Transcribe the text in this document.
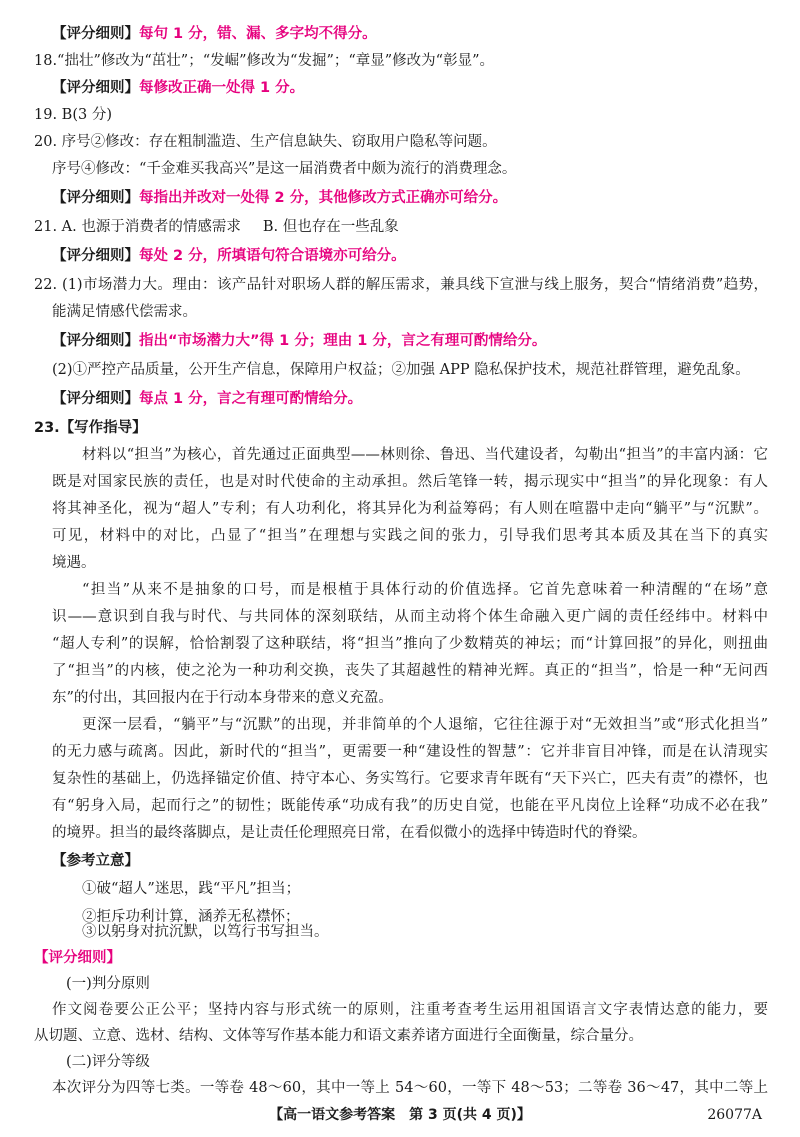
【评分细则】每句 1 分，错、漏、多字均不得分。
18.“拙壮”修改为“茁壮”；“发崛”修改为“发掘”；“章显”修改为“彰显”。
【评分细则】每修改正确一处得 1 分。
19. B(3 分)
20. 序号②修改：存在粗制滥造、生产信息缺失、窃取用户隐私等问题。
序号④修改：“千金难买我高兴”是这一届消费者中颇为流行的消费理念。
【评分细则】每指出并改对一处得 2 分，其他修改方式正确亦可给分。
21. A. 也源于消费者的情感需求 B. 但也存在一些乱象
【评分细则】每处 2 分，所填语句符合语境亦可给分。
22. (1)市场潜力大。理由：该产品针对职场人群的解压需求，兼具线下宣泄与线上服务，契合“情绪消费”趋势，
能满足情感代偿需求。
【评分细则】指出“市场潜力大”得 1 分；理由 1 分，言之有理可酌情给分。
(2)①严控产品质量，公开生产信息，保障用户权益；②加强 APP 隐私保护技术，规范社群管理，避免乱象。
【评分细则】每点 1 分，言之有理可酌情给分。
23.【写作指导】
材料以“担当”为核心，首先通过正面典型——林则徐、鲁迅、当代建设者，勾勒出“担当”的丰富内涵：它
既是对国家民族的责任，也是对时代使命的主动承担。然后笔锋一转，揭示现实中“担当”的异化现象：有人
将其神圣化，视为“超人”专利；有人功利化，将其异化为利益筹码；有人则在喧嚣中走向“躺平”与“沉默”。
可见，材料中的对比，凸显了“担当”在理想与实践之间的张力，引导我们思考其本质及其在当下的真实
境遇。
“担当”从来不是抽象的口号，而是根植于具体行动的价值选择。它首先意味着一种清醒的“在场”意
识——意识到自我与时代、与共同体的深刻联结，从而主动将个体生命融入更广阔的责任经纬中。材料中
“超人专利”的误解，恰恰割裂了这种联结，将“担当”推向了少数精英的神坛；而“计算回报”的异化，则扭曲
了“担当”的内核，使之沦为一种功利交换，丧失了其超越性的精神光辉。真正的“担当”，恰是一种“无问西
东”的付出，其回报内在于行动本身带来的意义充盈。
更深一层看，“躺平”与“沉默”的出现，并非简单的个人退缩，它往往源于对“无效担当”或“形式化担当”
的无力感与疏离。因此，新时代的“担当”，更需要一种“建设性的智慧”：它并非盲目冲锋，而是在认清现实
复杂性的基础上，仍选择锚定价值、持守本心、务实笃行。它要求青年既有“天下兴亡，匹夫有责”的襟怀，也
有“躬身入局，起而行之”的韧性；既能传承“功成有我”的历史自觉，也能在平凡岗位上诠释“功成不必在我”
的境界。担当的最终落脚点，是让责任伦理照亮日常，在看似微小的选择中铸造时代的脊梁。
【参考立意】
①破“超人”迷思，践“平凡”担当；
②拒斥功利计算，涵养无私襟怀；
③以躬身对抗沉默，以笃行书写担当。
【评分细则】
(一)判分原则
作文阅卷要公正公平；坚持内容与形式统一的原则，注重考查考生运用祖国语言文字表情达意的能力，要
从切题、立意、选材、结构、文体等写作基本能力和语文素养诸方面进行全面衡量，综合量分。
(二)评分等级
本次评分为四等七类。一等卷 48～60，其中一等上 54～60，一等下 48～53；二等卷 36～47，其中二等上
【高一语文参考答案　第 3 页(共 4 页)】	26077A
